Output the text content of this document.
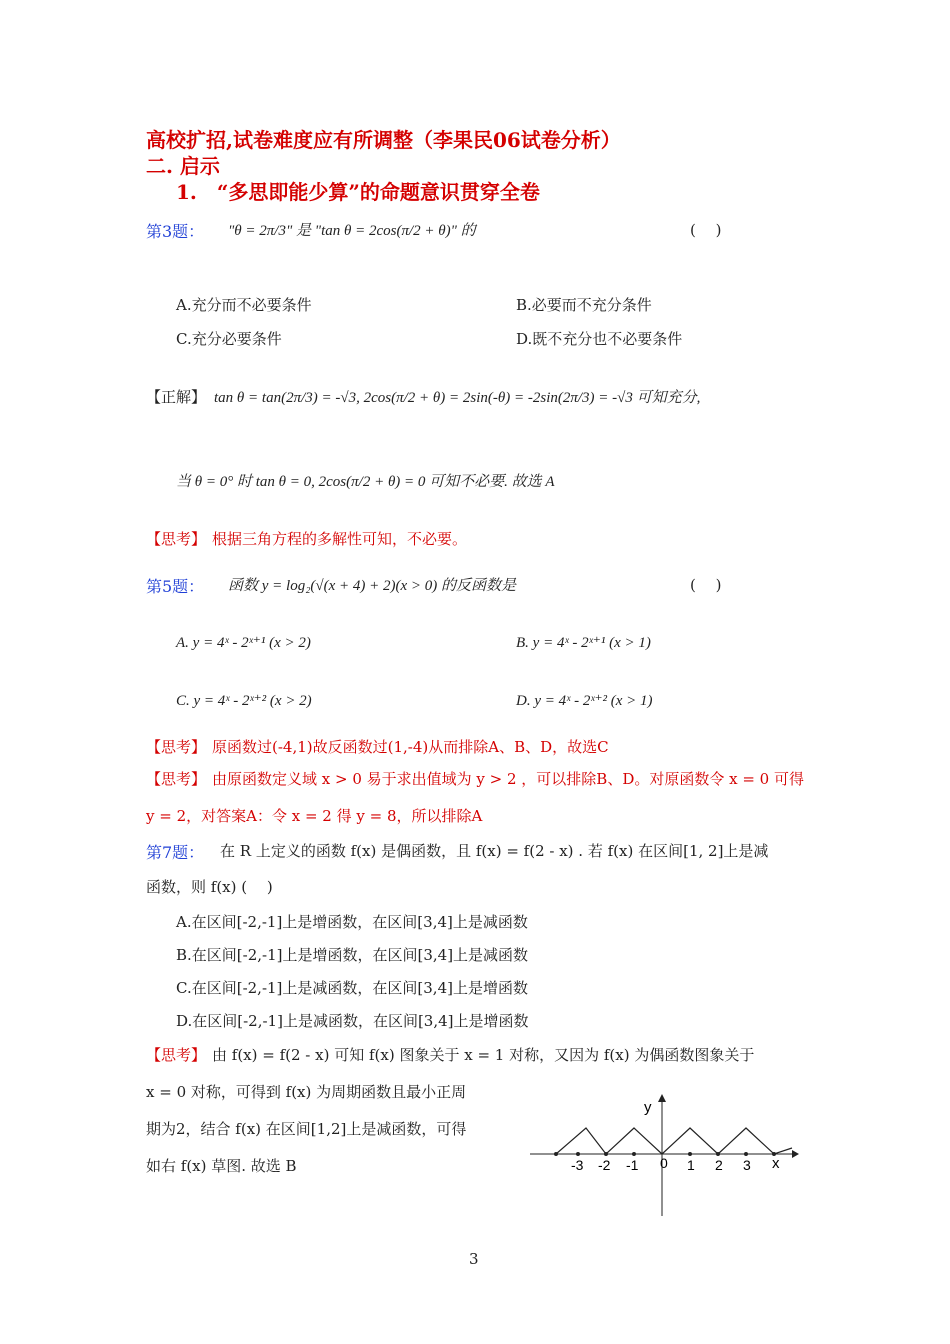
高校扩招,试卷难度应有所调整（李果民06试卷分析）
二. 启示
1.　“多思即能少算”的命题意识贯穿全卷
第3题： "θ = 2π/3" 是 "tan θ = 2cos(π/2 + θ)" 的	(　 )
A.充分而不必要条件	B.必要而不充分条件
C.充分必要条件	D.既不充分也不必要条件
【正解】 tan θ = tan(2π/3) = -√3, 2cos(π/2 + θ) = 2sin(-θ) = -2sin(2π/3) = -√3 可知充分,
当 θ = 0° 时 tan θ = 0, 2cos(π/2 + θ) = 0 可知不必要. 故选 A
【思考】 根据三角方程的多解性可知，不必要。
第5题： 函数 y = log₂(√(x + 4) + 2)(x > 0) 的反函数是	(　 )
A. y = 4ˣ - 2ˣ⁺¹ (x > 2)	B. y = 4ˣ - 2ˣ⁺¹ (x > 1)
C. y = 4ˣ - 2ˣ⁺² (x > 2)	D. y = 4ˣ - 2ˣ⁺² (x > 1)
【思考】 原函数过(-4,1)故反函数过(1,-4)从而排除A、B、D，故选C
【思考】 由原函数定义域 x > 0 易于求出值域为 y > 2 ，可以排除B、D。对原函数令 x = 0 可得
y = 2，对答案A：令 x = 2 得 y = 8，所以排除A
第7题： 在 R 上定义的函数 f(x) 是偶函数，且 f(x) = f(2 - x) . 若 f(x) 在区间[1, 2]上是减
函数，则 f(x) (　 )
A.在区间[-2,-1]上是增函数，在区间[3,4]上是减函数
B.在区间[-2,-1]上是增函数，在区间[3,4]上是减函数
C.在区间[-2,-1]上是减函数，在区间[3,4]上是增函数
D.在区间[-2,-1]上是减函数，在区间[3,4]上是增函数
【思考】 由 f(x) = f(2 - x) 可知 f(x) 图象关于 x = 1 对称，又因为 f(x) 为偶函数图象关于
x = 0 对称，可得到 f(x) 为周期函数且最小正周
期为2，结合 f(x) 在区间[1,2]上是减函数，可得
如右 f(x) 草图. 故选 B
y
x
0
-3 -2 -1	1 2 3
3
